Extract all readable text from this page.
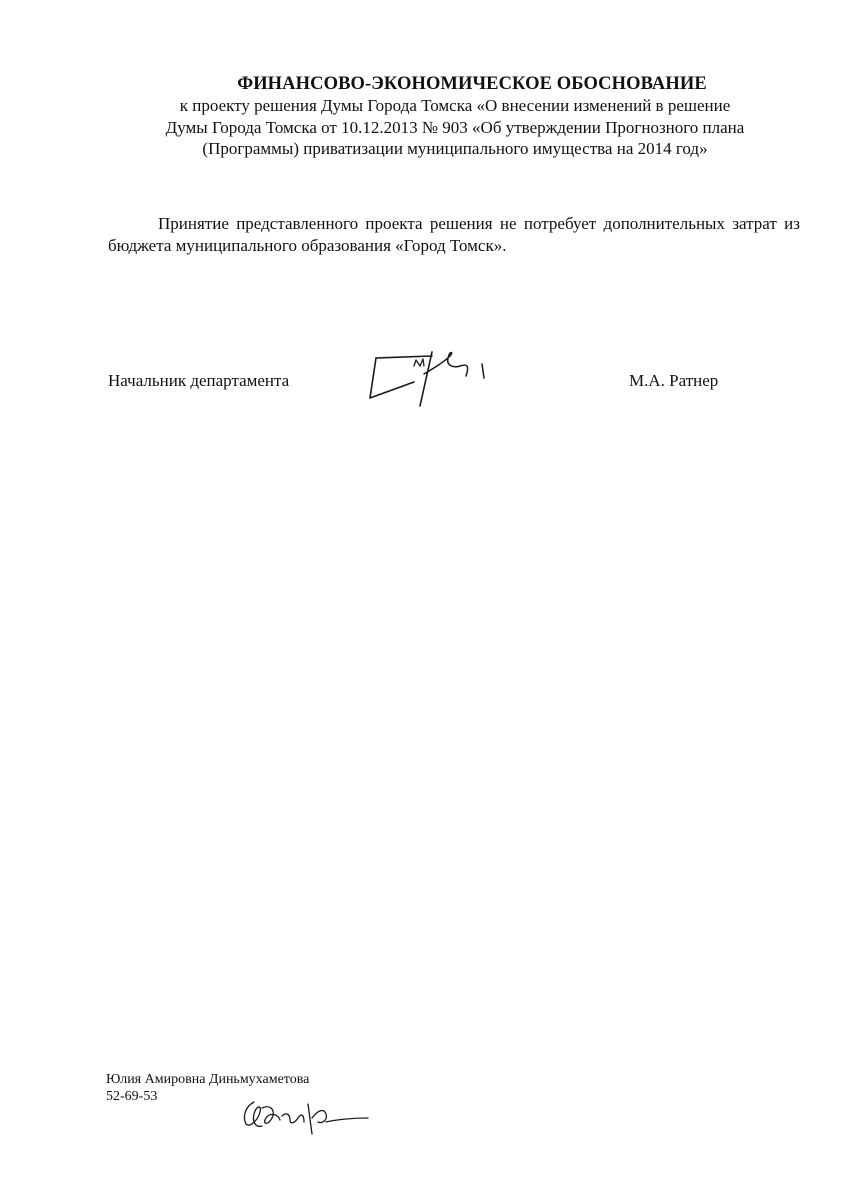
ФИНАНСОВО-ЭКОНОМИЧЕСКОЕ ОБОСНОВАНИЕ
к проекту решения Думы Города Томска «О внесении изменений в решение
Думы Города Томска от 10.12.2013 № 903 «Об утверждении Прогнозного плана
(Программы) приватизации муниципального имущества на 2014 год»
Принятие представленного проекта решения не потребует дополнительных затрат из
бюджета муниципального образования «Город Томск».
Начальник департамента	М.А. Ратнер
Юлия Амировна Диньмухаметова
52-69-53
